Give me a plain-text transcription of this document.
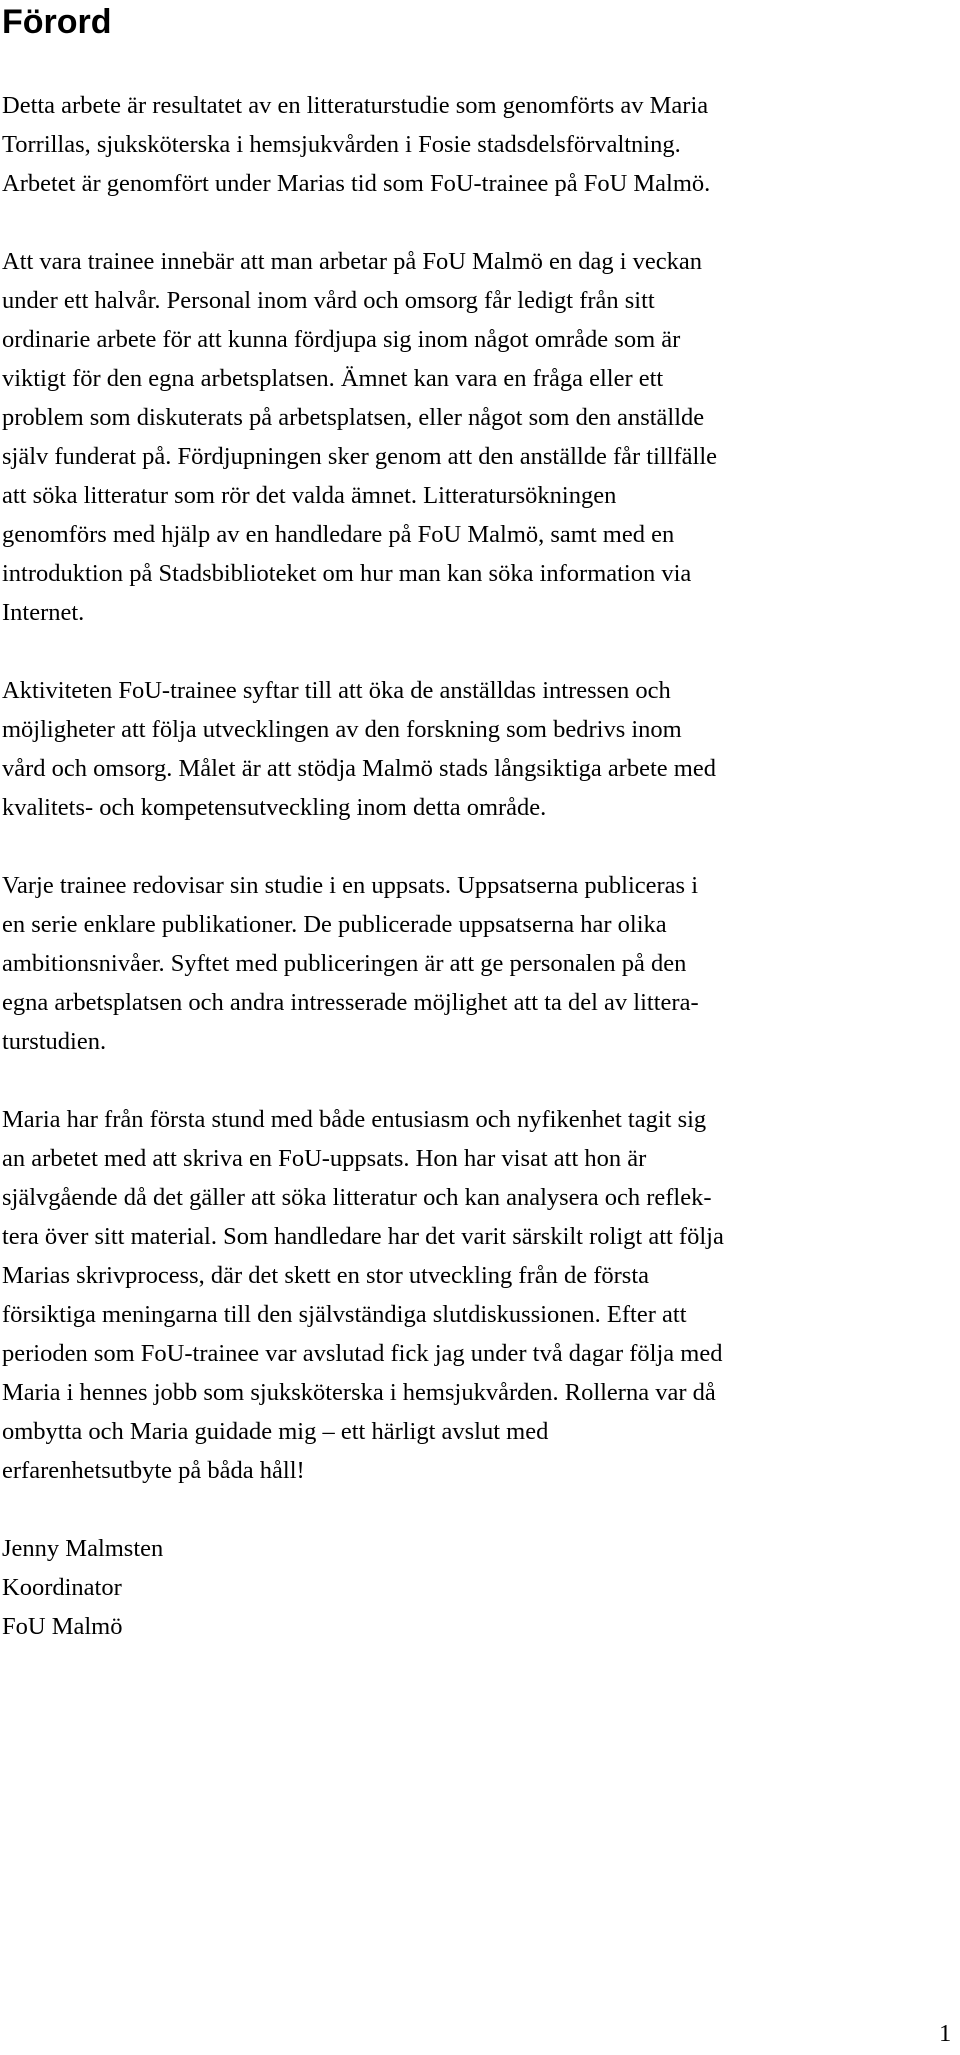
Förord

Detta arbete är resultatet av en litteraturstudie som genomförts av Maria
Torrillas, sjuksköterska i hemsjukvården i Fosie stadsdelsförvaltning.
Arbetet är genomfört under Marias tid som FoU-trainee på FoU Malmö.

Att vara trainee innebär att man arbetar på FoU Malmö en dag i veckan
under ett halvår. Personal inom vård och omsorg får ledigt från sitt
ordinarie arbete för att kunna fördjupa sig inom något område som är
viktigt för den egna arbetsplatsen. Ämnet kan vara en fråga eller ett
problem som diskuterats på arbetsplatsen, eller något som den anställde
själv funderat på. Fördjupningen sker genom att den anställde får tillfälle
att söka litteratur som rör det valda ämnet. Litteratursökningen
genomförs med hjälp av en handledare på FoU Malmö, samt med en
introduktion på Stadsbiblioteket om hur man kan söka information via
Internet.

Aktiviteten FoU-trainee syftar till att öka de anställdas intressen och
möjligheter att följa utvecklingen av den forskning som bedrivs inom
vård och omsorg. Målet är att stödja Malmö stads långsiktiga arbete med
kvalitets- och kompetensutveckling inom detta område.

Varje trainee redovisar sin studie i en uppsats. Uppsatserna publiceras i
en serie enklare publikationer. De publicerade uppsatserna har olika
ambitionsnivåer. Syftet med publiceringen är att ge personalen på den
egna arbetsplatsen och andra intresserade möjlighet att ta del av littera-
turstudien.

Maria har från första stund med både entusiasm och nyfikenhet tagit sig
an arbetet med att skriva en FoU-uppsats. Hon har visat att hon är
självgående då det gäller att söka litteratur och kan analysera och reflek-
tera över sitt material. Som handledare har det varit särskilt roligt att följa
Marias skrivprocess, där det skett en stor utveckling från de första
försiktiga meningarna till den självständiga slutdiskussionen. Efter att
perioden som FoU-trainee var avslutad fick jag under två dagar följa med
Maria i hennes jobb som sjuksköterska i hemsjukvården. Rollerna var då
ombytta och Maria guidade mig – ett härligt avslut med
erfarenhetsutbyte på båda håll!

Jenny Malmsten
Koordinator
FoU Malmö

1
